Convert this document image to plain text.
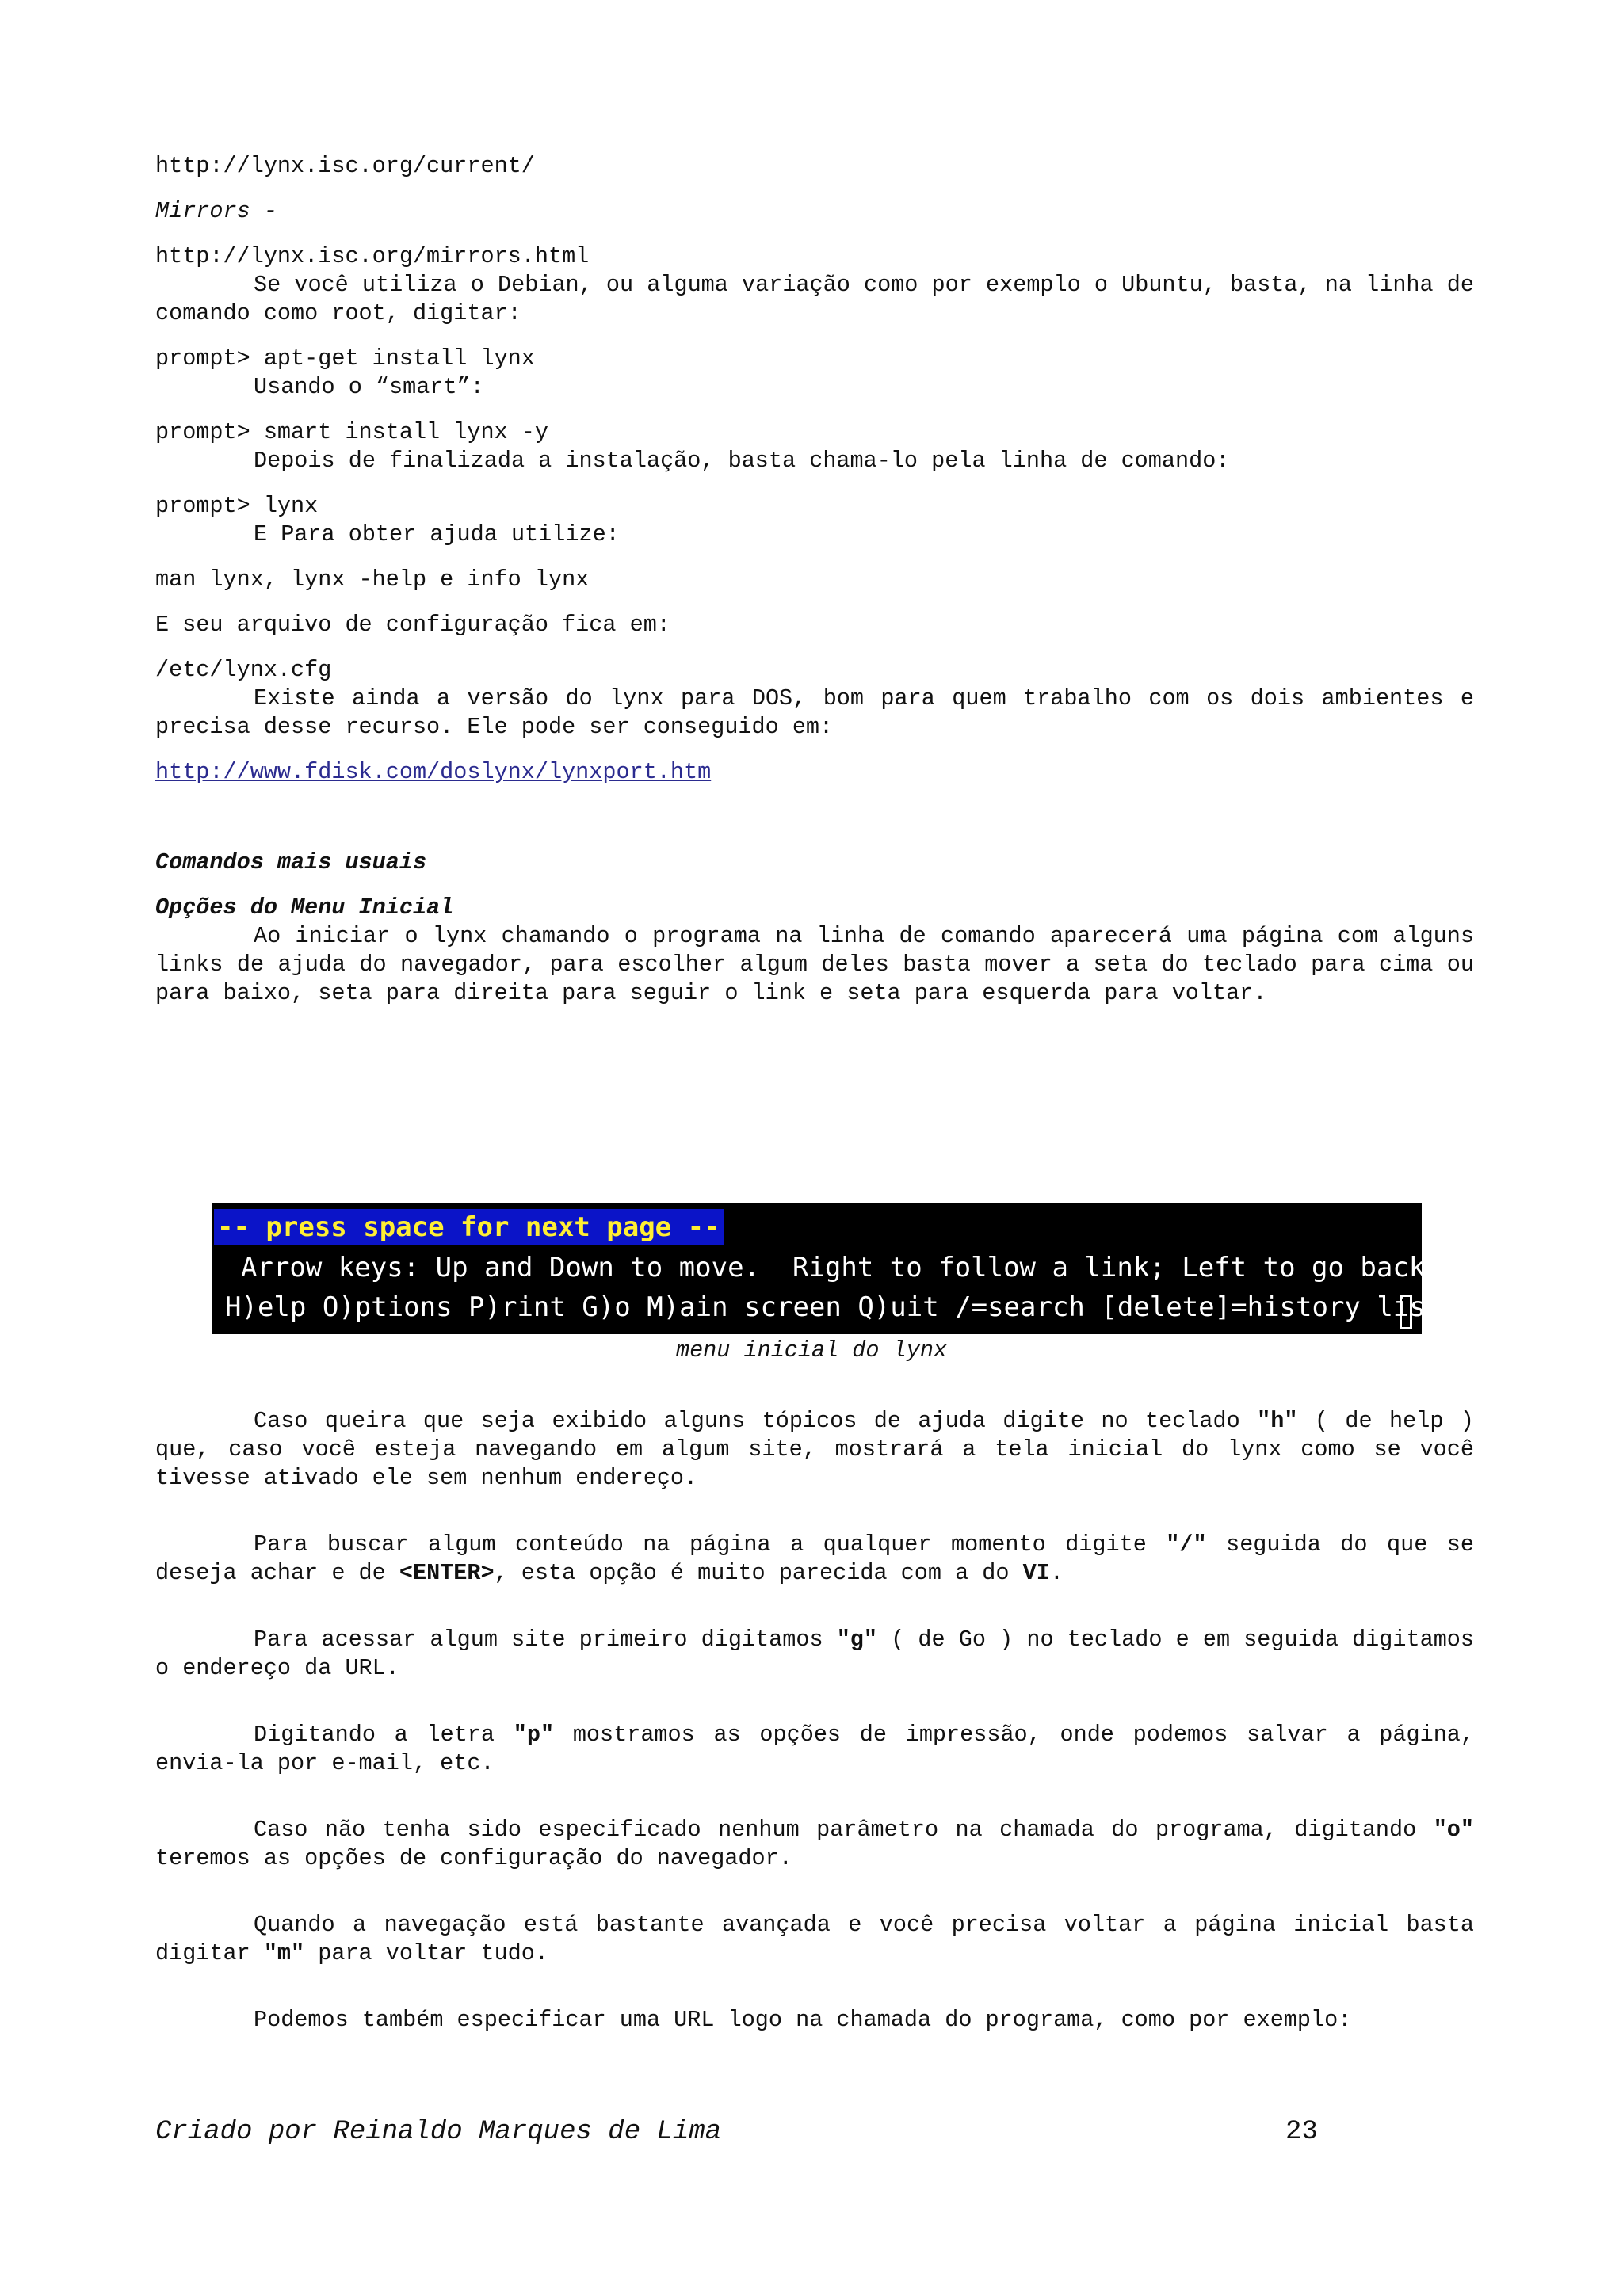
http://lynx.isc.org/current/

Mirrors -

http://lynx.isc.org/mirrors.html

Se você utiliza o Debian, ou alguma variação como por exemplo o Ubuntu, basta, na linha de comando como root, digitar:

prompt> apt-get install lynx

Usando o “smart”:

prompt> smart install lynx -y

Depois de finalizada a instalação, basta chama-lo pela linha de comando:

prompt> lynx

E Para obter ajuda utilize:

man lynx, lynx -help e info lynx

E seu arquivo de configuração fica em:

/etc/lynx.cfg

Existe ainda a versão do lynx para DOS, bom para quem trabalho com os dois ambientes e precisa desse recurso. Ele pode ser conseguido em:

http://www.fdisk.com/doslynx/lynxport.htm

Comandos mais usuais

Opções do Menu Inicial

Ao iniciar o lynx chamando o programa na linha de comando aparecerá uma página com alguns links de ajuda do navegador, para escolher algum deles basta mover a seta do teclado para cima ou para baixo, seta para direita para seguir o link e seta para esquerda para voltar.

-- press space for next page --
Arrow keys: Up and Down to move.  Right to follow a link; Left to go back.
H)elp O)ptions P)rint G)o M)ain screen Q)uit /=search [delete]=history list
menu inicial do lynx

Caso queira que seja exibido alguns tópicos de ajuda digite no teclado "h" ( de help ) que, caso você esteja navegando em algum site, mostrará a tela inicial do lynx como se você tivesse ativado ele sem nenhum endereço.

Para buscar algum conteúdo na página a qualquer momento digite "/" seguida do que se deseja achar e de <ENTER>, esta opção é muito parecida com a do VI.

Para acessar algum site primeiro digitamos "g" ( de Go ) no teclado e em seguida digitamos o endereço da URL.

Digitando a letra "p" mostramos as opções de impressão, onde podemos salvar a página, envia-la por e-mail, etc.

Caso não tenha sido especificado nenhum parâmetro na chamada do programa, digitando "o" teremos as opções de configuração do navegador.

Quando a navegação está bastante avançada e você precisa voltar a página inicial basta digitar "m" para voltar tudo.

Podemos também especificar uma URL logo na chamada do programa, como por exemplo:

Criado por Reinaldo Marques de Lima	23
